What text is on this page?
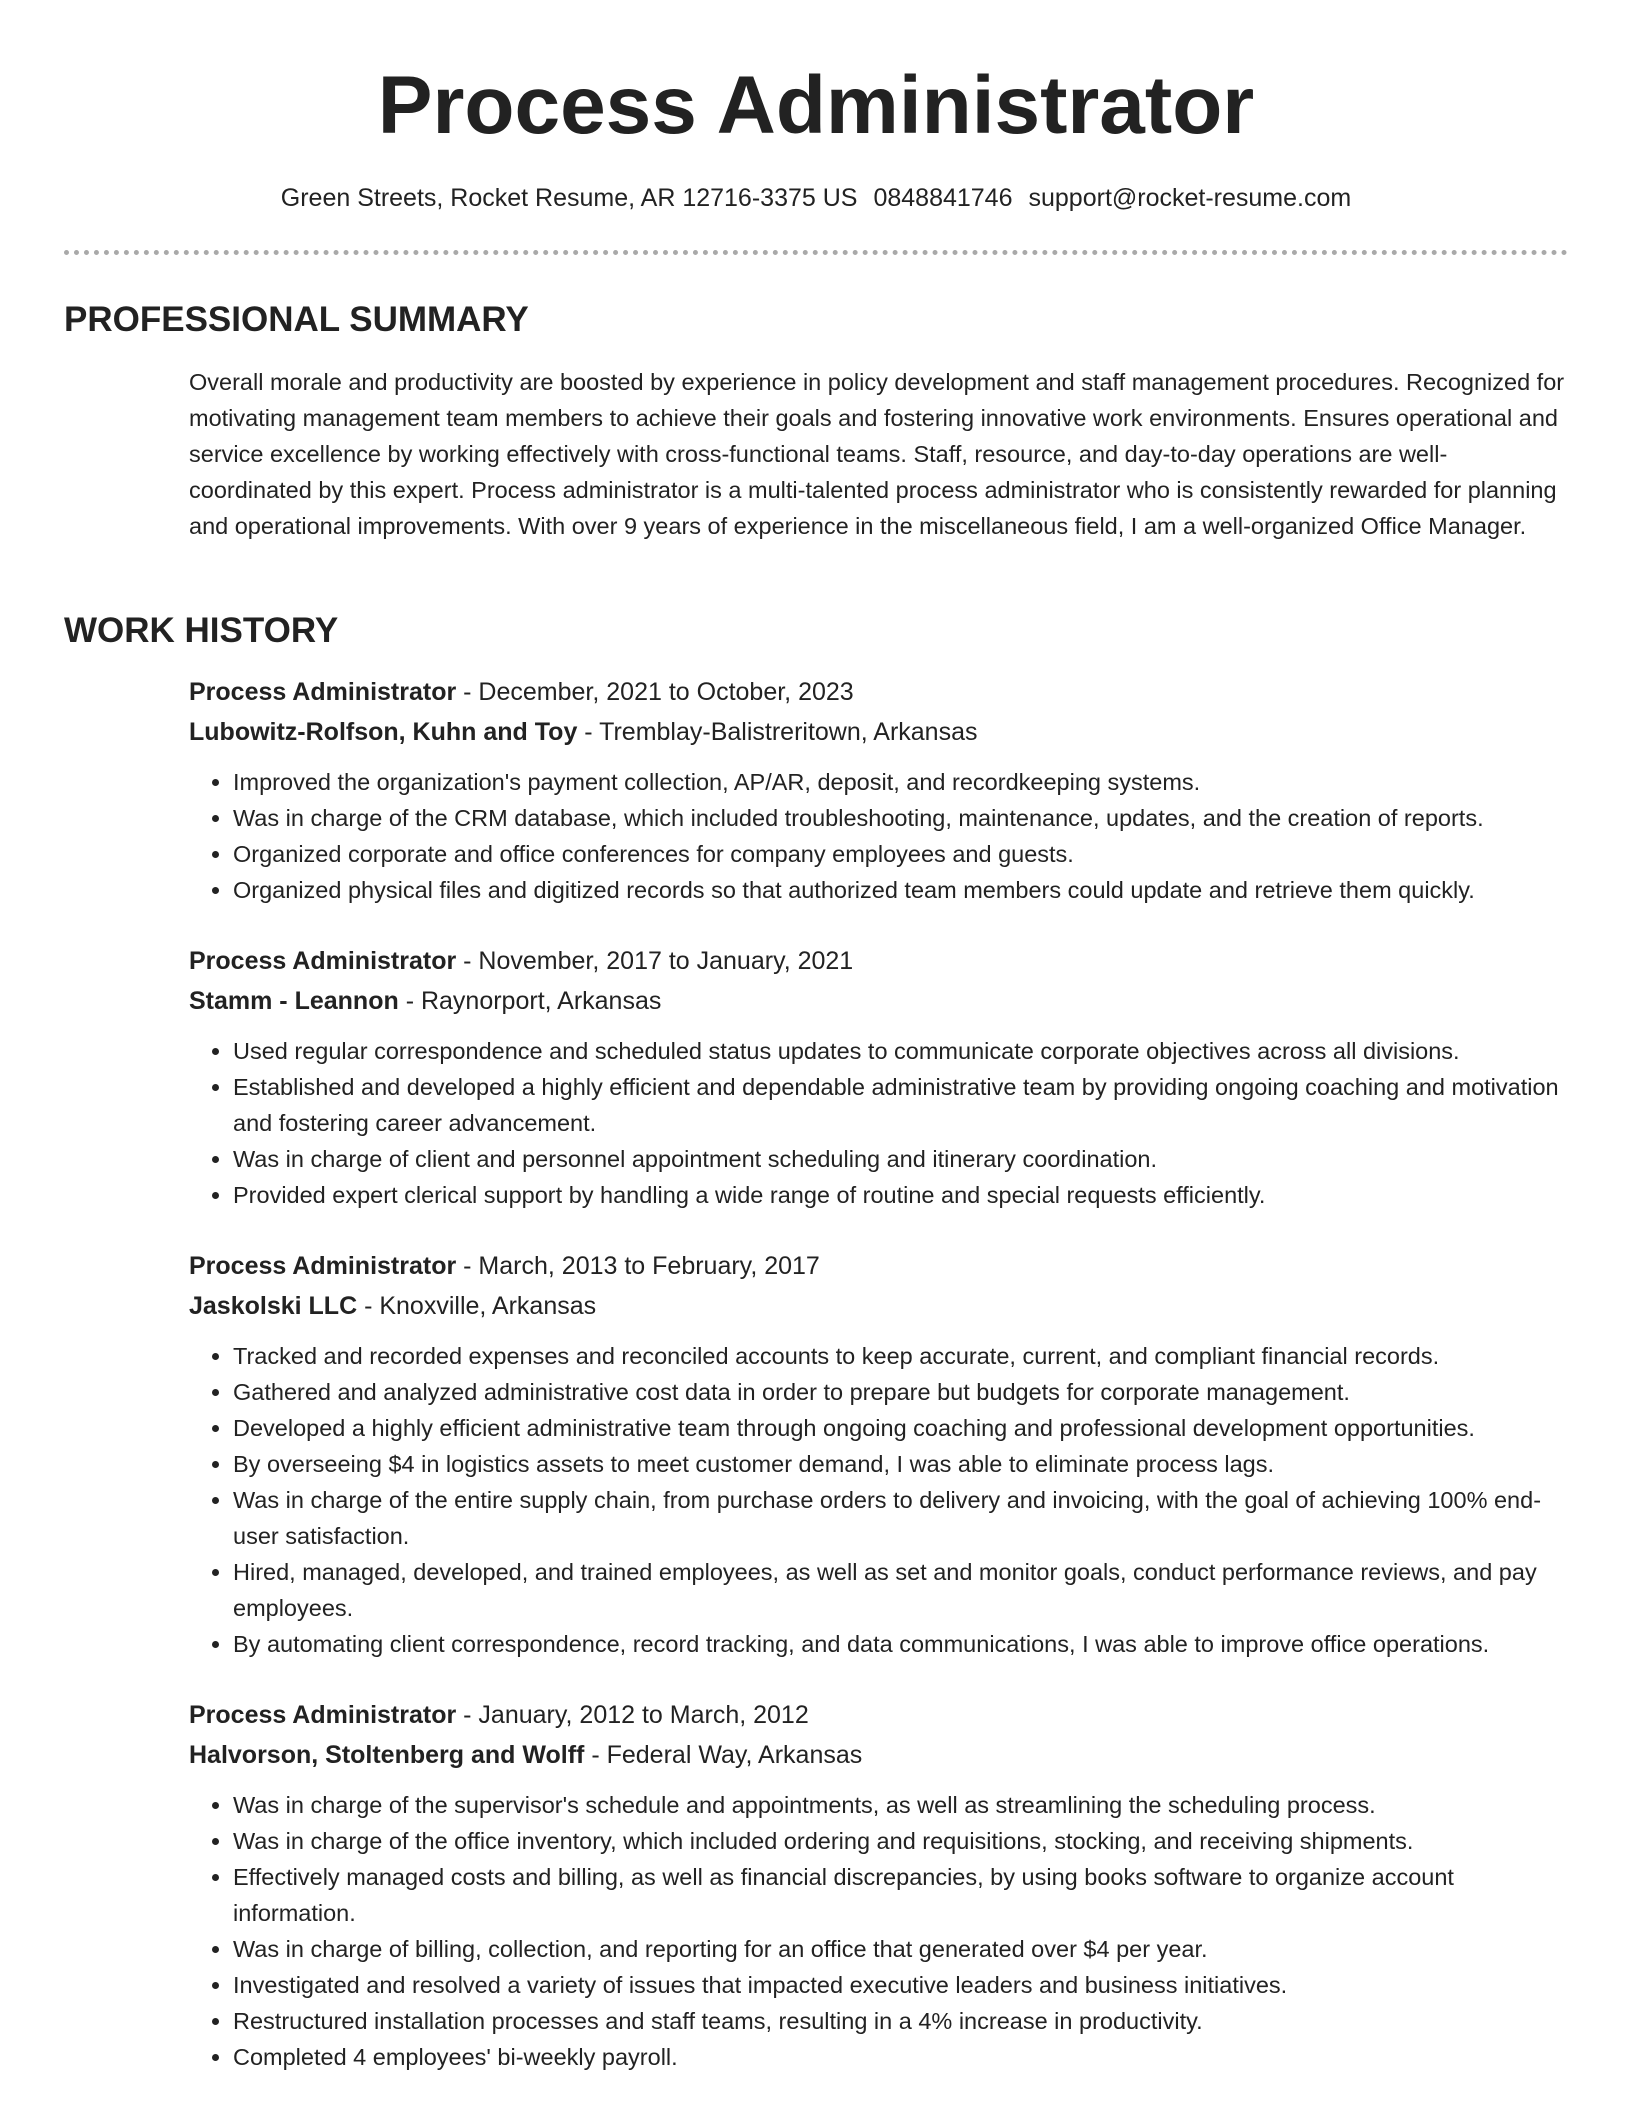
Process Administrator
Green Streets, Rocket Resume, AR 12716-3375 US 0848841746 support@rocket-resume.com
PROFESSIONAL SUMMARY

Overall morale and productivity are boosted by experience in policy development and staff management procedures. Recognized for motivating management team members to achieve their goals and fostering innovative work environments. Ensures operational and service excellence by working effectively with cross-functional teams. Staff, resource, and day-to-day operations are well-coordinated by this expert. Process administrator is a multi-talented process administrator who is consistently rewarded for planning and operational improvements. With over 9 years of experience in the miscellaneous field, I am a well-organized Office Manager.

WORK HISTORY

Process Administrator - December, 2021 to October, 2023

Lubowitz-Rolfson, Kuhn and Toy - Tremblay-Balistreritown, Arkansas

• Improved the organization's payment collection, AP/AR, deposit, and recordkeeping systems.
• Was in charge of the CRM database, which included troubleshooting, maintenance, updates, and the creation of reports.
• Organized corporate and office conferences for company employees and guests.
• Organized physical files and digitized records so that authorized team members could update and retrieve them quickly.

Process Administrator - November, 2017 to January, 2021

Stamm - Leannon - Raynorport, Arkansas

• Used regular correspondence and scheduled status updates to communicate corporate objectives across all divisions.
• Established and developed a highly efficient and dependable administrative team by providing ongoing coaching and motivation and fostering career advancement.
• Was in charge of client and personnel appointment scheduling and itinerary coordination.
• Provided expert clerical support by handling a wide range of routine and special requests efficiently.

Process Administrator - March, 2013 to February, 2017

Jaskolski LLC - Knoxville, Arkansas

• Tracked and recorded expenses and reconciled accounts to keep accurate, current, and compliant financial records.
• Gathered and analyzed administrative cost data in order to prepare but budgets for corporate management.
• Developed a highly efficient administrative team through ongoing coaching and professional development opportunities.
• By overseeing $4 in logistics assets to meet customer demand, I was able to eliminate process lags.
• Was in charge of the entire supply chain, from purchase orders to delivery and invoicing, with the goal of achieving 100% end-user satisfaction.
• Hired, managed, developed, and trained employees, as well as set and monitor goals, conduct performance reviews, and pay employees.
• By automating client correspondence, record tracking, and data communications, I was able to improve office operations.

Process Administrator - January, 2012 to March, 2012

Halvorson, Stoltenberg and Wolff - Federal Way, Arkansas

• Was in charge of the supervisor's schedule and appointments, as well as streamlining the scheduling process.
• Was in charge of the office inventory, which included ordering and requisitions, stocking, and receiving shipments.
• Effectively managed costs and billing, as well as financial discrepancies, by using books software to organize account information.
• Was in charge of billing, collection, and reporting for an office that generated over $4 per year.
• Investigated and resolved a variety of issues that impacted executive leaders and business initiatives.
• Restructured installation processes and staff teams, resulting in a 4% increase in productivity.
• Completed 4 employees' bi-weekly payroll.
